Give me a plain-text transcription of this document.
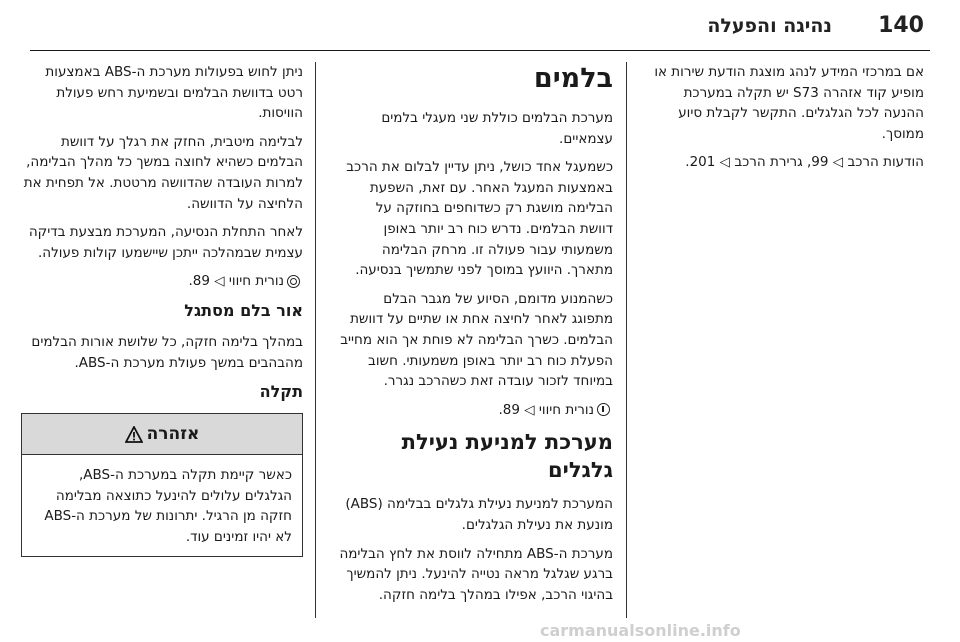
140
נהיגה והפעלה

אם במרכזי המידע לנהג מוצגת הודעת שירות או מופיע קוד אזהרה S73 יש תקלה במערכת ההנעה לכל הגלגלים. התקשר לקבלת סיוע ממוסך.

הודעות הרכב ◁ 99, גרירת הרכב ◁ 201.

בלמים

מערכת הבלמים כוללת שני מעגלי בלמים עצמאיים.

כשמעגל אחד כושל, ניתן עדיין לבלום את הרכב באמצעות המעגל האחר. עם זאת, השפעת הבלימה מושגת רק כשדוחפים בחוזקה על דוושת הבלמים. נדרש כוח רב יותר באופן משמעותי עבור פעולה זו. מרחק הבלימה מתארך. היוועץ במוסך לפני שתמשיך בנסיעה.

כשהמנוע מדומם, הסיוע של מגבר הבלם מתפוגג לאחר לחיצה אחת או שתיים על דוושת הבלמים. כשרך הבלימה לא פוחת אך הוא מחייב הפעלת כוח רב יותר באופן משמעותי. חשוב במיוחד לזכור עובדה זאת כשהרכב נגרר.

נורית חיווי ◁ 89.

מערכת למניעת נעילת גלגלים

המערכת למניעת נעילת גלגלים בבלימה (ABS) מונעת את נעילת הגלגלים.

מערכת ה-ABS מתחילה לווסת את לחץ הבלימה ברגע שגלגל מראה נטייה להינעל. ניתן להמשיך בהיגוי הרכב, אפילו במהלך בלימה חזקה.

ניתן לחוש בפעולות מערכת ה-ABS באמצעות רטט בדוושת הבלמים ובשמיעת רחש פעולת הוויסות.

לבלימה מיטבית, החזק את רגלך על דוושת הבלמים כשהיא לחוצה במשך כל מהלך הבלימה, למרות העובדה שהדוושה מרטטת. אל תפחית את הלחיצה על הדוושה.

לאחר התחלת הנסיעה, המערכת מבצעת בדיקה עצמית שבמהלכה ייתכן שיישמעו קולות פעולה.

נורית חיווי ◁ 89.

אור בלם מסתגל

במהלך בלימה חזקה, כל שלושת אורות הבלמים מהבהבים במשך פעולת מערכת ה-ABS.

תקלה
אזהרה

כאשר קיימת תקלה במערכת ה-ABS, הגלגלים עלולים להינעל כתוצאה מבלימה חזקה מן הרגיל. יתרונות של מערכת ה-ABS לא יהיו זמינים עוד.

carmanualsonline.info
